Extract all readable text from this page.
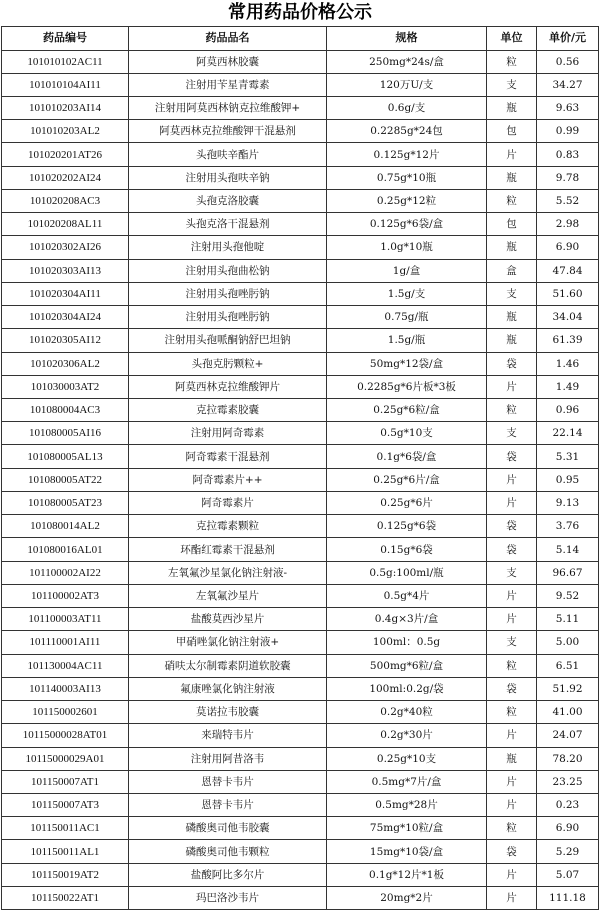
常用药品价格公示
药品编号	药品品名	规格	单位	单价/元
101010102AC11	阿莫西林胶囊	250mg*24s/盒	粒	0.56
101010104AI11	注射用苄星青霉素	120万U/支	支	34.27
101010203AI14	注射用阿莫西林钠克拉维酸钾+	0.6g/支	瓶	9.63
101010203AL2	阿莫西林克拉维酸钾干混悬剂	0.2285g*24包	包	0.99
101020201AT26	头孢呋辛酯片	0.125g*12片	片	0.83
101020202AI24	注射用头孢呋辛钠	0.75g*10瓶	瓶	9.78
101020208AC3	头孢克洛胶囊	0.25g*12粒	粒	5.52
101020208AL11	头孢克洛干混悬剂	0.125g*6袋/盒	包	2.98
101020302AI26	注射用头孢他啶	1.0g*10瓶	瓶	6.90
101020303AI13	注射用头孢曲松钠	1g/盒	盒	47.84
101020304AI11	注射用头孢唑肟钠	1.5g/支	支	51.60
101020304AI24	注射用头孢唑肟钠	0.75g/瓶	瓶	34.04
101020305AI12	注射用头孢哌酮钠舒巴坦钠	1.5g/瓶	瓶	61.39
101020306AL2	头孢克肟颗粒+	50mg*12袋/盒	袋	1.46
101030003AT2	阿莫西林克拉维酸钾片	0.2285g*6片板*3板	片	1.49
101080004AC3	克拉霉素胶囊	0.25g*6粒/盒	粒	0.96
101080005AI16	注射用阿奇霉素	0.5g*10支	支	22.14
101080005AL13	阿奇霉素干混悬剂	0.1g*6袋/盒	袋	5.31
101080005AT22	阿奇霉素片++	0.25g*6片/盒	片	0.95
101080005AT23	阿奇霉素片	0.25g*6片	片	9.13
101080014AL2	克拉霉素颗粒	0.125g*6袋	袋	3.76
101080016AL01	环酯红霉素干混悬剂	0.15g*6袋	袋	5.14
101100002AI22	左氧氟沙星氯化钠注射液-	0.5g:100ml/瓶	支	96.67
101100002AT3	左氧氟沙星片	0.5g*4片	片	9.52
101100003AT11	盐酸莫西沙星片	0.4g×3片/盒	片	5.11
101110001AI11	甲硝唑氯化钠注射液+	100ml：0.5g	支	5.00
101130004AC11	硝呋太尔制霉素阴道软胶囊	500mg*6粒/盒	粒	6.51
101140003AI13	氟康唑氯化钠注射液	100ml:0.2g/袋	袋	51.92
101150002601	莫诺拉韦胶囊	0.2g*40粒	粒	41.00
10115000028AT01	来瑞特韦片	0.2g*30片	片	24.07
10115000029A01	注射用阿昔洛韦	0.25g*10支	瓶	78.20
101150007AT1	恩替卡韦片	0.5mg*7片/盒	片	23.25
101150007AT3	恩替卡韦片	0.5mg*28片	片	0.23
101150011AC1	磷酸奥司他韦胶囊	75mg*10粒/盒	粒	6.90
101150011AL1	磷酸奥司他韦颗粒	15mg*10袋/盒	袋	5.29
101150019AT2	盐酸阿比多尔片	0.1g*12片*1板	片	5.07
101150022AT1	玛巴洛沙韦片	20mg*2片	片	111.18
